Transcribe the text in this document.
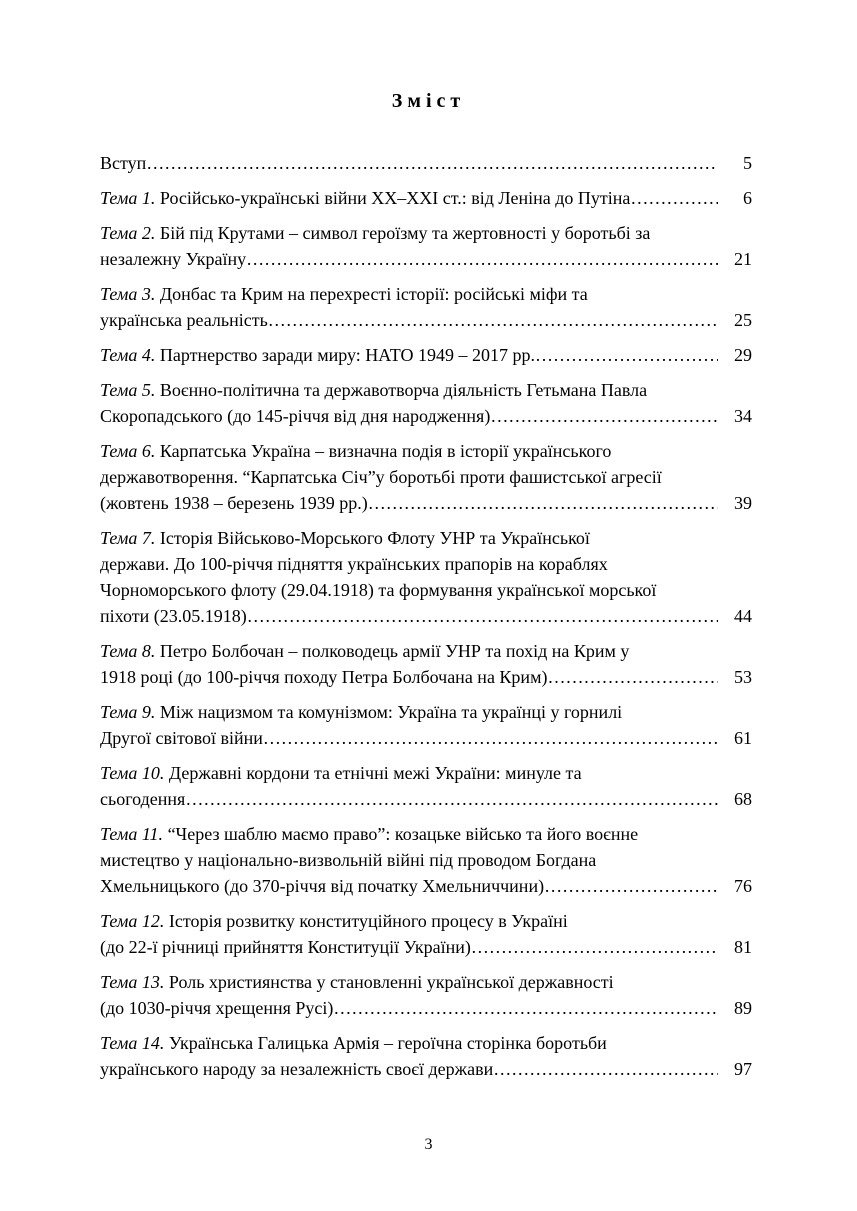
Зміст
Вступ …………………………………………………………………………………………………………………………………………………………………………………………	5
Тема 1. Російсько-українські війни ХХ–ХХІ ст.: від Леніна до Путіна …………………………………………………………………………………………………………………………………………………………………………………………	6
Тема 2. Бій під Крутами – символ героїзму та жертовності у боротьбі за
незалежну Україну …………………………………………………………………………………………………………………………………………………………………………………………	21
Тема 3. Донбас та Крим на перехресті історії: російські міфи та
українська реальність …………………………………………………………………………………………………………………………………………………………………………………………	25
Тема 4. Партнерство заради миру: НАТО 1949 – 2017 рр. …………………………………………………………………………………………………………………………………………………………………………………………	29
Тема 5. Воєнно-політична та державотворча діяльність Гетьмана Павла
Скоропадського (до 145-річчя від дня народження) …………………………………………………………………………………………………………………………………………………………………………………………	34
Тема 6. Карпатська Україна – визначна подія в історії українського
державотворення. “Карпатська Січ”у боротьбі проти фашистської агресії
(жовтень 1938 – березень 1939 рр.) …………………………………………………………………………………………………………………………………………………………………………………………	39
Тема 7. Історія Військово-Морського Флоту УНР та Української
держави. До 100-річчя підняття українських прапорів на кораблях
Чорноморського флоту (29.04.1918) та формування української морської
піхоти (23.05.1918) …………………………………………………………………………………………………………………………………………………………………………………………	44
Тема 8. Петро Болбочан – полководець армії УНР та похід на Крим у
1918 році (до 100-річчя походу Петра Болбочана на Крим) …………………………………………………………………………………………………………………………………………………………………………………………	53
Тема 9. Між нацизмом та комунізмом: Україна та українці у горнилі
Другої світової війни …………………………………………………………………………………………………………………………………………………………………………………………	61
Тема 10. Державні кордони та етнічні межі України: минуле та
сьогодення …………………………………………………………………………………………………………………………………………………………………………………………	68
Тема 11. “Через шаблю маємо право”: козацьке військо та його воєнне
мистецтво у національно-визвольній війні під проводом Богдана
Хмельницького (до 370-річчя від початку Хмельниччини) …………………………………………………………………………………………………………………………………………………………………………………………	76
Тема 12. Історія розвитку конституційного процесу в Україні
(до 22-ї річниці прийняття Конституції України) …………………………………………………………………………………………………………………………………………………………………………………………	81
Тема 13. Роль християнства у становленні української державності
(до 1030-річчя хрещення Русі) …………………………………………………………………………………………………………………………………………………………………………………………	89
Тема 14. Українська Галицька Армія – героїчна сторінка боротьби
українського народу за незалежність своєї держави …………………………………………………………………………………………………………………………………………………………………………………………	97
3
